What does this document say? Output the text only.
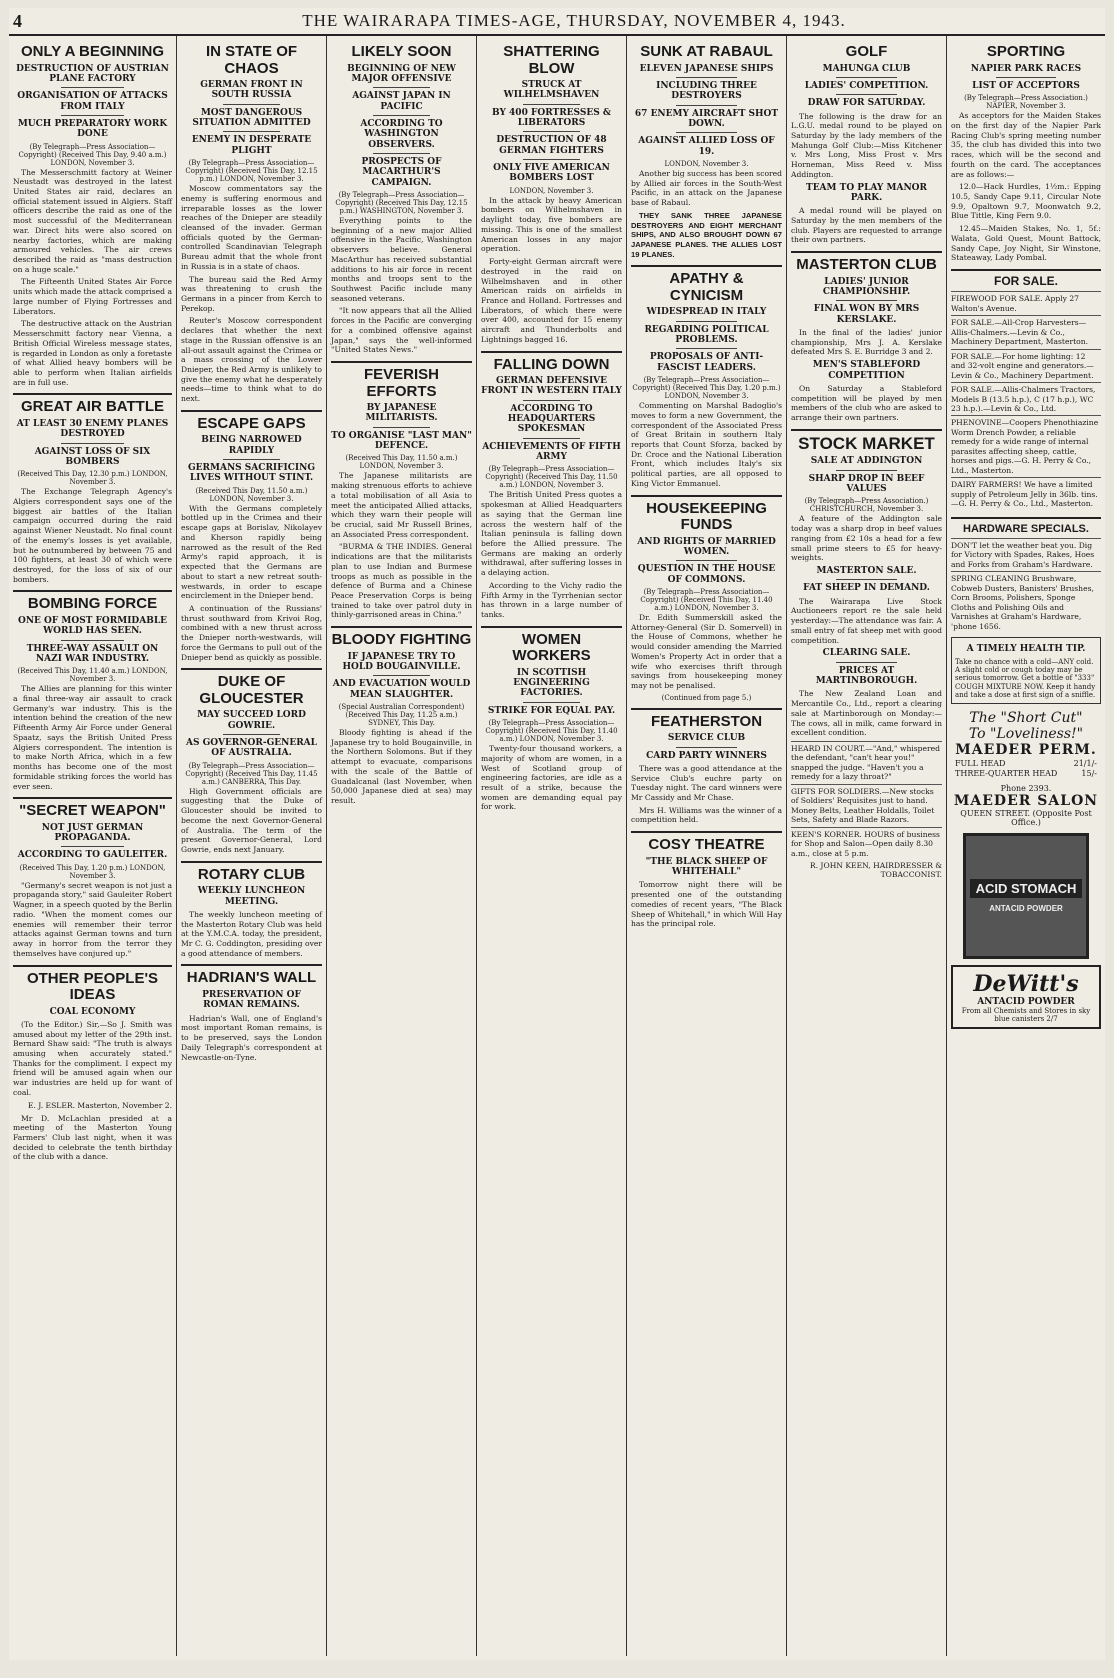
4	THE WAIRARAPA TIMES-AGE, THURSDAY, NOVEMBER 4, 1943.
ONLY A BEGINNING
DESTRUCTION OF AUSTRIAN PLANE FACTORY
ORGANISATION OF ATTACKS FROM ITALY
MUCH PREPARATORY WORK DONE
(By Telegraph—Press Association—Copyright) (Received This Day, 9.40 a.m.) LONDON, November 3.

The Messerschmitt factory at Weiner Neustadt was destroyed in the latest United States air raid, declares an official statement issued in Algiers. Staff officers describe the raid as one of the most successful of the Mediterranean war. Direct hits were also scored on nearby factories, which are making armoured vehicles. The air crews described the raid as "mass destruction on a huge scale."

The Fifteenth United States Air Force units which made the attack comprised a large number of Flying Fortresses and Liberators.

The destructive attack on the Austrian Messerschmitt factory near Vienna, a British Official Wireless message states, is regarded in London as only a foretaste of what Allied heavy bombers will be able to perform when Italian airfields are in full use.

GREAT AIR BATTLE
AT LEAST 30 ENEMY PLANES DESTROYED
AGAINST LOSS OF SIX BOMBERS
(Received This Day, 12.30 p.m.) LONDON, November 3.

The Exchange Telegraph Agency's Algiers correspondent says one of the biggest air battles of the Italian campaign occurred during the raid against Wiener Neustadt. No final count of the enemy's losses is yet available, but he outnumbered by between 75 and 100 fighters, at least 30 of which were destroyed, for the loss of six of our bombers.

BOMBING FORCE
ONE OF MOST FORMIDABLE WORLD HAS SEEN.
THREE-WAY ASSAULT ON NAZI WAR INDUSTRY.
(Received This Day, 11.40 a.m.) LONDON, November 3.

The Allies are planning for this winter a final three-way air assault to crack Germany's war industry. This is the intention behind the creation of the new Fifteenth Army Air Force under General Spaatz, says the British United Press Algiers correspondent. The intention is to make North Africa, which in a few months has become one of the most formidable striking forces the world has ever seen.

"SECRET WEAPON"
NOT JUST GERMAN PROPAGANDA.
ACCORDING TO GAULEITER.
(Received This Day, 1.20 p.m.) LONDON, November 3.

"Germany's secret weapon is not just a propaganda story," said Gauleiter Robert Wagner, in a speech quoted by the Berlin radio. "When the moment comes our enemies will remember their terror attacks against German towns and turn away in horror from the terror they themselves have conjured up."

OTHER PEOPLE'S IDEAS
COAL ECONOMY

(To the Editor.) Sir,—So J. Smith was amused about my letter of the 29th inst. Bernard Shaw said: "The truth is always amusing when accurately stated." Thanks for the compliment. I expect my friend will be amused again when our war industries are held up for want of coal.

E. J. ESLER. Masterton, November 2.

Mr D. McLachlan presided at a meeting of the Masterton Young Farmers' Club last night, when it was decided to celebrate the tenth birthday of the club with a dance.

IN STATE OF CHAOS
GERMAN FRONT IN SOUTH RUSSIA
MOST DANGEROUS SITUATION ADMITTED
ENEMY IN DESPERATE PLIGHT
(By Telegraph—Press Association—Copyright) (Received This Day, 12.15 p.m.) LONDON, November 3.

Moscow commentators say the enemy is suffering enormous and irreparable losses as the lower reaches of the Dnieper are steadily cleansed of the invader. German officials quoted by the German-controlled Scandinavian Telegraph Bureau admit that the whole front in Russia is in a state of chaos.

The bureau said the Red Army was threatening to crush the Germans in a pincer from Kerch to Perekop.

Reuter's Moscow correspondent declares that whether the next stage in the Russian offensive is an all-out assault against the Crimea or a mass crossing of the Lower Dnieper, the Red Army is unlikely to give the enemy what he desperately needs—time to think what to do next.

ESCAPE GAPS
BEING NARROWED RAPIDLY
GERMANS SACRIFICING LIVES WITHOUT STINT.
(Received This Day, 11.50 a.m.) LONDON, November 3.

With the Germans completely bottled up in the Crimea and their escape gaps at Borislav, Nikolayev and Kherson rapidly being narrowed as the result of the Red Army's rapid approach, it is expected that the Germans are about to start a new retreat south-westwards, in order to escape encirclement in the Dnieper bend.

A continuation of the Russians' thrust southward from Krivoi Rog, combined with a new thrust across the Dnieper north-westwards, will force the Germans to pull out of the Dnieper bend as quickly as possible.

DUKE OF GLOUCESTER
MAY SUCCEED LORD GOWRIE.
AS GOVERNOR-GENERAL OF AUSTRALIA.
(By Telegraph—Press Association—Copyright) (Received This Day, 11.45 a.m.) CANBERRA, This Day.

High Government officials are suggesting that the Duke of Gloucester should be invited to become the next Governor-General of Australia. The term of the present Governor-General, Lord Gowrie, ends next January.

ROTARY CLUB
WEEKLY LUNCHEON MEETING.

The weekly luncheon meeting of the Masterton Rotary Club was held at the Y.M.C.A. today, the president, Mr C. G. Coddington, presiding over a good attendance of members.

HADRIAN'S WALL
PRESERVATION OF ROMAN REMAINS.

Hadrian's Wall, one of England's most important Roman remains, is to be preserved, says the London Daily Telegraph's correspondent at Newcastle-on-Tyne.

LIKELY SOON
BEGINNING OF NEW MAJOR OFFENSIVE
AGAINST JAPAN IN PACIFIC
ACCORDING TO WASHINGTON OBSERVERS.
PROSPECTS OF MACARTHUR'S CAMPAIGN.
(By Telegraph—Press Association—Copyright) (Received This Day, 12.15 p.m.) WASHINGTON, November 3.

Everything points to the beginning of a new major Allied offensive in the Pacific, Washington observers believe. General MacArthur has received substantial additions to his air force in recent months and troops sent to the Southwest Pacific include many seasoned veterans.

"It now appears that all the Allied forces in the Pacific are converging for a combined offensive against Japan," says the well-informed "United States News."

FEVERISH EFFORTS
BY JAPANESE MILITARISTS.
TO ORGANISE "LAST MAN" DEFENCE.
(Received This Day, 11.50 a.m.) LONDON, November 3.

The Japanese militarists are making strenuous efforts to achieve a total mobilisation of all Asia to meet the anticipated Allied attacks, which they warn their people will be crucial, said Mr Russell Brines, an Associated Press correspondent.

"BURMA & THE INDIES. General indications are that the militarists plan to use Indian and Burmese troops as much as possible in the defence of Burma and a Chinese Peace Preservation Corps is being trained to take over patrol duty in thinly-garrisoned areas in China."

BLOODY FIGHTING
IF JAPANESE TRY TO HOLD BOUGAINVILLE.
AND EVACUATION WOULD MEAN SLAUGHTER.
(Special Australian Correspondent) (Received This Day, 11.25 a.m.) SYDNEY, This Day.

Bloody fighting is ahead if the Japanese try to hold Bougainville, in the Northern Solomons. But if they attempt to evacuate, comparisons with the scale of the Battle of Guadalcanal (last November, when 50,000 Japanese died at sea) may result.

SHATTERING BLOW
STRUCK AT WILHELMSHAVEN
BY 400 FORTRESSES & LIBERATORS
DESTRUCTION OF 48 GERMAN FIGHTERS
ONLY FIVE AMERICAN BOMBERS LOST
LONDON, November 3.

In the attack by heavy American bombers on Wilhelmshaven in daylight today, five bombers are missing. This is one of the smallest American losses in any major operation.

Forty-eight German aircraft were destroyed in the raid on Wilhelmshaven and in other American raids on airfields in France and Holland. Fortresses and Liberators, of which there were over 400, accounted for 15 enemy aircraft and Thunderbolts and Lightnings bagged 16.

FALLING DOWN
GERMAN DEFENSIVE FRONT IN WESTERN ITALY
ACCORDING TO HEADQUARTERS SPOKESMAN
ACHIEVEMENTS OF FIFTH ARMY
(By Telegraph—Press Association—Copyright) (Received This Day, 11.50 a.m.) LONDON, November 3.

The British United Press quotes a spokesman at Allied Headquarters as saying that the German line across the western half of the Italian peninsula is falling down before the Allied pressure. The Germans are making an orderly withdrawal, after suffering losses in a delaying action.

According to the Vichy radio the Fifth Army in the Tyrrhenian sector has thrown in a large number of tanks.

WOMEN WORKERS
IN SCOTTISH ENGINEERING FACTORIES.
STRIKE FOR EQUAL PAY.
(By Telegraph—Press Association—Copyright) (Received This Day, 11.40 a.m.) LONDON, November 3.

Twenty-four thousand workers, a majority of whom are women, in a West of Scotland group of engineering factories, are idle as a result of a strike, because the women are demanding equal pay for work.

SUNK AT RABAUL
ELEVEN JAPANESE SHIPS
INCLUDING THREE DESTROYERS
67 ENEMY AIRCRAFT SHOT DOWN.
AGAINST ALLIED LOSS OF 19.
LONDON, November 3.

Another big success has been scored by Allied air forces in the South-West Pacific, in an attack on the Japanese base of Rabaul.

THEY SANK THREE JAPANESE DESTROYERS AND EIGHT MERCHANT SHIPS, AND ALSO BROUGHT DOWN 67 JAPANESE PLANES. THE ALLIES LOST 19 PLANES.

APATHY & CYNICISM
WIDESPREAD IN ITALY
REGARDING POLITICAL PROBLEMS.
PROPOSALS OF ANTI-FASCIST LEADERS.
(By Telegraph—Press Association—Copyright) (Received This Day, 1.20 p.m.) LONDON, November 3.

Commenting on Marshal Badoglio's moves to form a new Government, the correspondent of the Associated Press of Great Britain in southern Italy reports that Count Sforza, backed by Dr. Croce and the National Liberation Front, which includes Italy's six political parties, are all opposed to King Victor Emmanuel.

HOUSEKEEPING FUNDS
AND RIGHTS OF MARRIED WOMEN.
QUESTION IN THE HOUSE OF COMMONS.
(By Telegraph—Press Association—Copyright) (Received This Day, 11.40 a.m.) LONDON, November 3.

Dr. Edith Summerskill asked the Attorney-General (Sir D. Somervell) in the House of Commons, whether he would consider amending the Married Women's Property Act in order that a wife who exercises thrift through savings from housekeeping money may not be penalised.

(Continued from page 5.)
FEATHERSTON
SERVICE CLUB
CARD PARTY WINNERS

There was a good attendance at the Service Club's euchre party on Tuesday night. The card winners were Mr Cassidy and Mr Chase.

Mrs H. Williams was the winner of a competition held.

COSY THEATRE
"THE BLACK SHEEP OF WHITEHALL"

Tomorrow night there will be presented one of the outstanding comedies of recent years, "The Black Sheep of Whitehall," in which Will Hay has the principal role.

GOLF
MAHUNGA CLUB
LADIES' COMPETITION.
DRAW FOR SATURDAY.

The following is the draw for an L.G.U. medal round to be played on Saturday by the lady members of the Mahunga Golf Club:—Miss Kitchener v. Mrs Long, Miss Frost v. Mrs Horneman, Miss Reed v. Miss Addington.

TEAM TO PLAY MANOR PARK.

A medal round will be played on Saturday by the men members of the club. Players are requested to arrange their own partners.

MASTERTON CLUB
LADIES' JUNIOR CHAMPIONSHIP.
FINAL WON BY MRS KERSLAKE.

In the final of the ladies' junior championship, Mrs J. A. Kerslake defeated Mrs S. E. Burridge 3 and 2.

MEN'S STABLEFORD COMPETITION

On Saturday a Stableford competition will be played by men members of the club who are asked to arrange their own partners.

STOCK MARKET
SALE AT ADDINGTON
SHARP DROP IN BEEF VALUES
(By Telegraph—Press Association.) CHRISTCHURCH, November 3.

A feature of the Addington sale today was a sharp drop in beef values ranging from £2 10s a head for a few small prime steers to £5 for heavy-weights.

MASTERTON SALE.
FAT SHEEP IN DEMAND.

The Wairarapa Live Stock Auctioneers report re the sale held yesterday:—The attendance was fair. A small entry of fat sheep met with good competition.

CLEARING SALE.
PRICES AT MARTINBOROUGH.

The New Zealand Loan and Mercantile Co., Ltd., report a clearing sale at Martinborough on Monday:—The cows, all in milk, came forward in excellent condition.

HEARD IN COURT.—"And," whispered the defendant, "can't hear you!" snapped the judge. "Haven't you a remedy for a lazy throat?"
GIFTS FOR SOLDIERS.—New stocks of Soldiers' Requisites just to hand. Money Belts, Leather Holdalls, Toilet Sets, Safety and Blade Razors.
KEEN'S KORNER. HOURS of business for Shop and Salon—Open daily 8.30 a.m., close at 5 p.m.
R. JOHN KEEN, HAIRDRESSER & TOBACCONIST.
SPORTING
NAPIER PARK RACES
LIST OF ACCEPTORS
(By Telegraph—Press Association.) NAPIER, November 3.

As acceptors for the Maiden Stakes on the first day of the Napier Park Racing Club's spring meeting number 35, the club has divided this into two races, which will be the second and fourth on the card. The acceptances are as follows:—

12.0—Hack Hurdles, 1½m.: Epping 10.5, Sandy Cape 9.11, Circular Note 9.9, Opaltown 9.7, Moonwatch 9.2, Blue Tittle, King Fern 9.0.

12.45—Maiden Stakes, No. 1, 5f.: Walata, Gold Quest, Mount Battock, Sandy Cape, Joy Night, Sir Winstone, Stateaway, Lady Pombal.

FOR SALE.
FIREWOOD FOR SALE. Apply 27 Walton's Avenue.
FOR SALE.—All-Crop Harvesters—Allis-Chalmers.—Levin & Co., Machinery Department, Masterton.
FOR SALE.—For home lighting: 12 and 32-volt engine and generators.—Levin & Co., Machinery Department.
FOR SALE.—Allis-Chalmers Tractors, Models B (13.5 h.p.), C (17 h.p.), WC 23 h.p.).—Levin & Co., Ltd.
PHENOVINE—Coopers Phenothiazine Worm Drench Powder, a reliable remedy for a wide range of internal parasites affecting sheep, cattle, horses and pigs.—G. H. Perry & Co., Ltd., Masterton.
DAIRY FARMERS! We have a limited supply of Petroleum Jelly in 36lb. tins.—G. H. Perry & Co., Ltd., Masterton.
HARDWARE SPECIALS.
DON'T let the weather beat you. Dig for Victory with Spades, Rakes, Hoes and Forks from Graham's Hardware.
SPRING CLEANING Brushware, Cobweb Dusters, Banisters' Brushes, Corn Brooms, Polishers, Sponge Cloths and Polishing Oils and Varnishes at Graham's Hardware, 'phone 1656.
A TIMELY HEALTH TIP.
Take no chance with a cold—ANY cold. A slight cold or cough today may be serious tomorrow. Get a bottle of "333" COUGH MIXTURE NOW. Keep it handy and take a dose at first sign of a sniffle.
The "Short Cut"
To "Loveliness!"
MAEDER PERM.
FULL HEAD	21/1/-
THREE-QUARTER HEAD	15/-
Phone 2393.
MAEDER SALON
QUEEN STREET. (Opposite Post Office.)
ACID STOMACH
ANTACID POWDER
DeWitt's
ANTACID POWDER
From all Chemists and Stores in sky blue canisters 2/7
